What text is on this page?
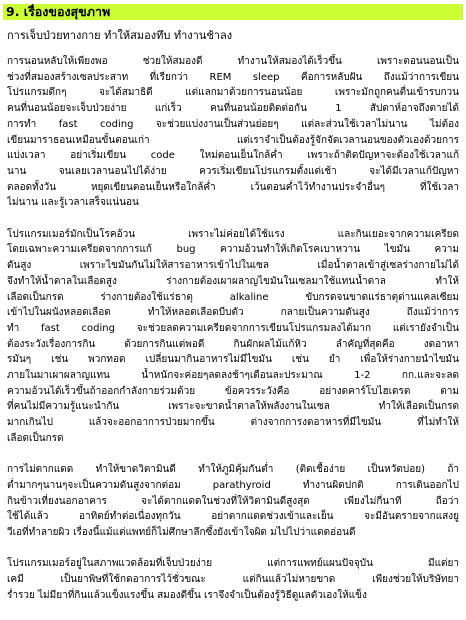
9. เรื่องของสุขภาพ
การเจ็บป่วยทางกาย ทำให้สมองทึบ ทำงานช้าลง
การนอนหลับให้เพียงพอ ช่วยให้สมองดี ทำงานให้สมองได้เร็วขึ้น เพราะตอนนอนเป็น
ช่วงที่สมองสร้างเซลประสาท ที่เรียกว่า REM sleep คือการหลับฝัน ถึงแม้ว่าการเขียน
โปรแกรมดึกๆ จะได้สมาธิดี แต่แลกมาด้วยการนอนน้อย เพราะมักถูกคนตื่นเข้ารบกวน
คนที่นอนน้อยจะเจ็บป่วยง่าย แก่เร็ว คนที่นอนน้อยติดต่อกัน 1 สัปดาห์อาจถึงตายได้
การทำ fast coding จะช่วยแบ่งงานเป็นส่วนย่อยๆ แต่ละส่วนใช้เวลาไม่นาน ไม่ต้อง
เขียนมาราธอนเหมือนขั้นตอนเก่า แต่เราจำเป็นต้องรู้จักจัดเวลานอนของตัวเองด้วยการ
แบ่งเวลา อย่าเริ่มเขียน code ใหม่ตอนเย็นใกล้ค่ำ เพราะถ้าติดปัญหาจะต้องใช้เวลาแก้
นาน จนเลยเวลานอนไปได้ง่าย ควรเริ่มเขียนโปรแกรมตั้งแต่เช้า จะได้มีเวลาแก้ปัญหา
ตลอดทั้งวัน หยุดเขียนตอนเย็นหรือใกล้ค่ำ เว้นตอนค่ำไว้ทำงานประจำอื่นๆ ที่ใช้เวลา
ไม่นาน และรู้เวลาเสร็จแน่นอน
โปรแกรมเมอร์มักเป็นโรคอ้วน เพราะไม่ค่อยได้ใช้แรง และกินเยอะจากความเครียด
โดยเฉพาะความเครียดจากการแก้ bug ความอ้วนทำให้เกิดโรคเบาหวาน ไขมัน ความ
ดันสูง เพราะไขมันกันไม่ให้สารอาหารเข้าไปในเซล เมื่อน้ำตาลเข้าสู่เซลร่างกายไม่ได้
จึงทำให้น้ำตาลในเลือดสูง ร่างกายต้องเผาผลาญไขมันในเซลมาใช้แทนน้ำตาล ทำให้
เลือดเป็นกรด ร่างกายต้องใช้แร่ธาตุ alkaline ขับกรดจนขาดแร่ธาตุด่านแคลเซียม
เข้าไปในผนังหลอดเลือด ทำให้หลอดเลือดบีบตัว กลายเป็นความดันสูง ถึงแม้ว่าการ
ทำ fast coding จะช่วยลดความเครียดจากการเขียนโปรแกรมลงได้มาก แต่เรายังจำเป็น
ต้องระวังเรื่องการกิน ด้วยการกินแต่พอดี กินผักผลไม้แก้หิว ลำคัญที่สุดคือ งดอาหา
รมันๆ เช่น พวกทอด เปลี่ยนมากินอาหารไม่มีไขมัน เช่น ยำ เพื่อให้ร่างกายนำไขมัน
ภายในมาเผาผลาญแทน น้ำหนักจะค่อยๆลดลงช้าๆเดือนละประมาณ 1-2 กก.และจะลด
ความอ้วนได้เร็วขึ้นถ้าออกกำลังกายร่วมด้วย ข้อควรระวังคือ อย่างดคาร์โบไฮเดรต ตาม
ที่คนไม่มีความรู้แนะนำกัน เพราะจะขาดน้ำตาลให้พลังงานในเซล ทำให้เลือดเป็นกรด
มากเกินไป แล้วจะออกอาการป่วยมากขึ้น ต่างจากการงดอาหารที่มีไขมัน ที่ไม่ทำให้
เลือดเป็นกรด
การไม่ตากแดด ทำให้ขาดวิตามินดี ทำให้ภูมิคุ้มกันต่ำ (ติดเชื้อง่าย เป็นหวัดบ่อย) ถ้า
ต่ำมากๆนานๆจะเป็นความดันสูงจากต่อม parathyroid ทำงานผิดปกติ การเดินออกไป
กินข้าวเที่ยงนอกอาคาร จะได้ตากแดดในช่วงที่ให้วิตามินดีสูงสุด เพียงไม่กี่นาที ถือว่า
ใช้ได้แล้ว อาทิตย์ทำต่อเนื่องทุกวัน อย่าตากแดดช่วงเข้าและเย็น จะมีอันตรายจากแสงยู
วีเอที่ทำลายผิว เรื่องนี้แม้แต่แพทย์ก็ไม่ศึกษาลึกซึ้งยังเข้าใจผิด มไปไปว่าแดดอ่อนดี
โปรแกรมเมอร์อยู่ในสภาพแวดล้อมที่เจ็บป่วยง่าย แต่การแพทย์แผนปัจจุบัน มีแต่ยา
เคมี เป็นยาพิษที่ใช้กดอาการไว้ชั่วขณะ แต่กินแล้วไม่หายขาด เพียงช่วยให้บริษัทยา
ร่ำรวย ไม่มียาที่กินแล้วแข็งแรงขึ้น สมองดีขึ้น เราจึงจำเป็นต้องรู้วิธีดูแลตัวเองให้แข็ง
